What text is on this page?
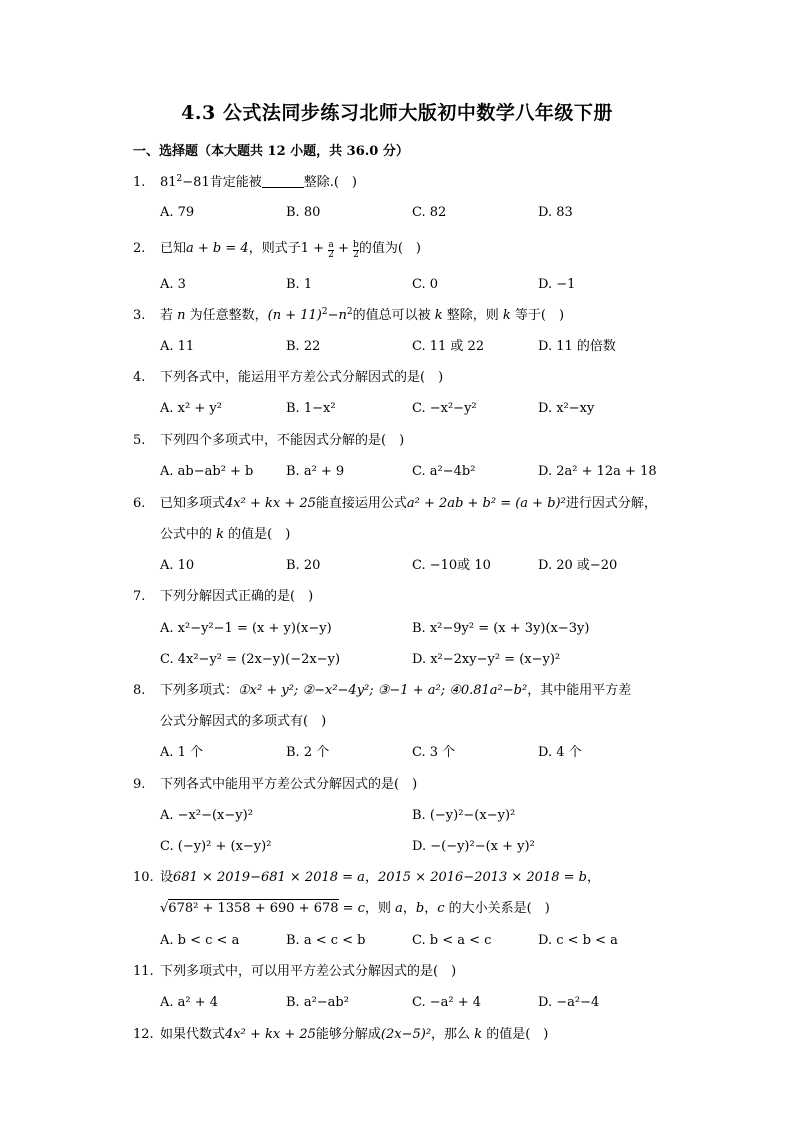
4.3 公式法同步练习北师大版初中数学八年级下册
一、选择题（本大题共 12 小题，共 36.0 分）
1. $81^2-81$肯定能被	整除.(　)
A. 79	B. 80	C. 82	D. 83
2. 已知a + b = 4，则式子$1 + \frac{a}{2} + \frac{b}{2}$ 的值为(　)
A. 3	B. 1	C. 0	D. −1
3. 若 n 为任意整数，$(n + 11)^2-n^2$的值总可以被 k 整除，则 k 等于(　)
A. 11	B. 22	C. 11 或 22	D. 11 的倍数
4. 下列各式中，能运用平方差公式分解因式的是(　)
A. x² + y²	B. 1−x²	C. −x²−y²	D. x²−xy
5. 下列四个多项式中，不能因式分解的是(　)
A. ab−ab² + b	B. a² + 9	C. a²−4b²	D. 2a² + 12a + 18
6. 已知多项式4x² + kx + 25能直接运用公式a² + 2ab + b² = (a + b)²进行因式分解，
公式中的 k 的值是(　)
A. 10	B. 20	C. −10或 10	D. 20 或−20
7. 下列分解因式正确的是(　)
A. x²−y²−1 = (x + y)(x−y)	B. x²−9y² = (x + 3y)(x−3y)
C. 4x²−y² = (2x−y)(−2x−y)	D. x²−2xy−y² = (x−y)²
8. 下列多项式：①x² + y²; ②−x²−4y²; ③−1 + a²; ④0.81a²−b²，其中能用平方差
公式分解因式的多项式有(　)
A. 1 个	B. 2 个	C. 3 个	D. 4 个
9. 下列各式中能用平方差公式分解因式的是(　)
A. −x²−(x−y)²	B. (−y)²−(x−y)²
C. (−y)² + (x−y)²	D. −(−y)²−(x + y)²
10. 设681 × 2019−681 × 2018 = a，2015 × 2016−2013 × 2018 = b，
√678² + 1358 + 690 + 678 = c，则 a，b，c 的大小关系是(　)
A. b < c < a	B. a < c < b	C. b < a < c	D. c < b < a
11. 下列多项式中，可以用平方差公式分解因式的是(　)
A. a² + 4	B. a²−ab²	C. −a² + 4	D. −a²−4
12. 如果代数式4x² + kx + 25能够分解成(2x−5)²，那么 k 的值是(　)
